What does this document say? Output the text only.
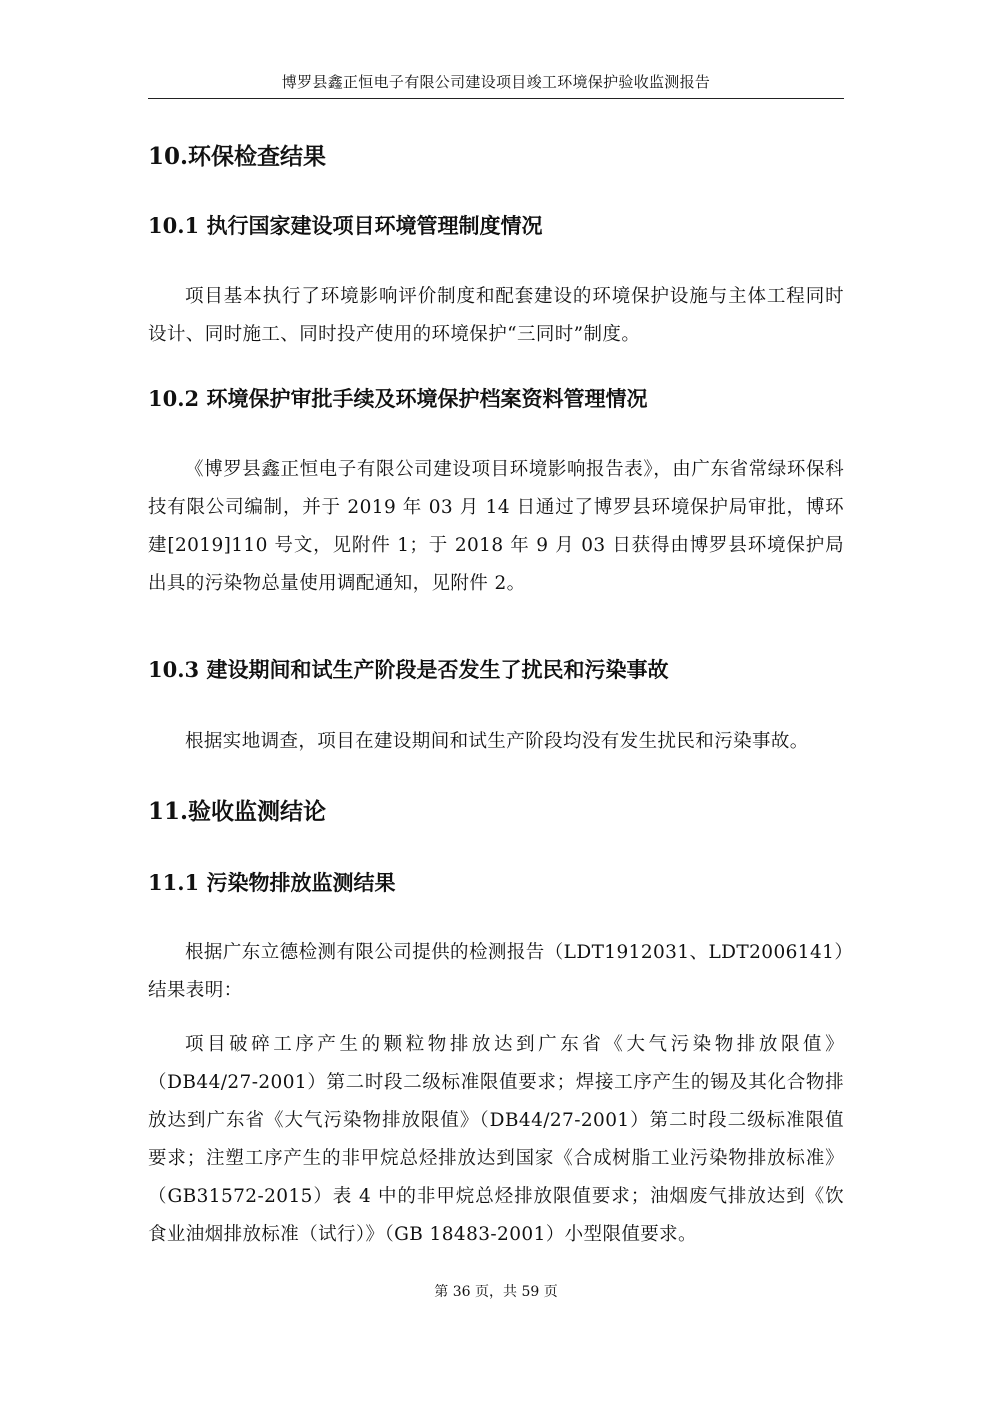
博罗县鑫正恒电子有限公司建设项目竣工环境保护验收监测报告
10.环保检查结果
10.1 执行国家建设项目环境管理制度情况
项目基本执行了环境影响评价制度和配套建设的环境保护设施与主体工程同时设计、同时施工、同时投产使用的环境保护“三同时”制度。
10.2 环境保护审批手续及环境保护档案资料管理情况
《博罗县鑫正恒电子有限公司建设项目环境影响报告表》，由广东省常绿环保科技有限公司编制，并于 2019 年 03 月 14 日通过了博罗县环境保护局审批，博环建[2019]110 号文，见附件 1；于 2018 年 9 月 03 日获得由博罗县环境保护局出具的污染物总量使用调配通知，见附件 2。
10.3 建设期间和试生产阶段是否发生了扰民和污染事故
根据实地调查，项目在建设期间和试生产阶段均没有发生扰民和污染事故。
11.验收监测结论
11.1 污染物排放监测结果
根据广东立德检测有限公司提供的检测报告（LDT1912031、LDT2006141）结果表明：
项目破碎工序产生的颗粒物排放达到广东省《大气污染物排放限值》（DB44/27-2001）第二时段二级标准限值要求；焊接工序产生的锡及其化合物排放达到广东省《大气污染物排放限值》（DB44/27-2001）第二时段二级标准限值要求；注塑工序产生的非甲烷总烃排放达到国家《合成树脂工业污染物排放标准》（GB31572-2015）表 4 中的非甲烷总烃排放限值要求；油烟废气排放达到《饮食业油烟排放标准（试行）》（GB 18483-2001）小型限值要求。
第 36 页，共 59 页
